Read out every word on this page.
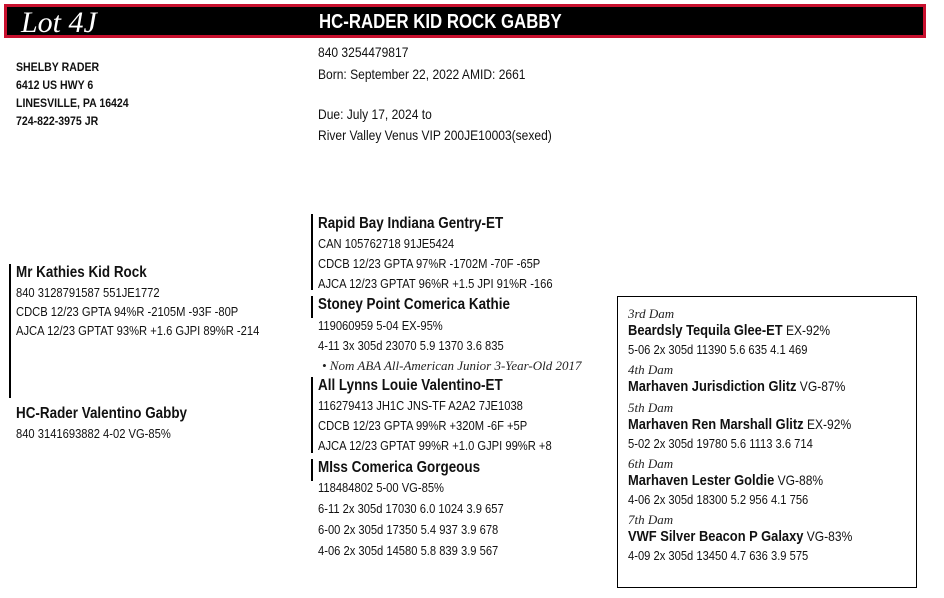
Lot 4J	HC-RADER KID ROCK GABBY
SHELBY RADER
6412 US HWY 6
LINESVILLE, PA 16424
724-822-3975 JR
840 3254479817
Born: September 22, 2022 AMID: 2661
Due: July 17, 2024 to
River Valley Venus VIP 200JE10003(sexed)
Mr Kathies Kid Rock
840 3128791587 551JE1772
CDCB 12/23 GPTA 94%R -2105M -93F -80P
AJCA 12/23 GPTAT 93%R +1.6 GJPI 89%R -214
HC-Rader Valentino Gabby
840 3141693882 4-02 VG-85%
Rapid Bay Indiana Gentry-ET
CAN 105762718 91JE5424
CDCB 12/23 GPTA 97%R -1702M -70F -65P
AJCA 12/23 GPTAT 96%R +1.5 JPI 91%R -166
Stoney Point Comerica Kathie
119060959 5-04 EX-95%
4-11 3x 305d 23070 5.9 1370 3.6 835
• Nom ABA All-American Junior 3-Year-Old 2017
All Lynns Louie Valentino-ET
116279413 JH1C JNS-TF A2A2 7JE1038
CDCB 12/23 GPTA 99%R +320M -6F +5P
AJCA 12/23 GPTAT 99%R +1.0 GJPI 99%R +8
MIss Comerica Gorgeous
118484802 5-00 VG-85%
6-11 2x 305d 17030 6.0 1024 3.9 657
6-00 2x 305d 17350 5.4 937 3.9 678
4-06 2x 305d 14580 5.8 839 3.9 567
3rd Dam
Beardsly Tequila Glee-ET EX-92%
5-06 2x 305d 11390 5.6 635 4.1 469
4th Dam
Marhaven Jurisdiction Glitz VG-87%
5th Dam
Marhaven Ren Marshall Glitz EX-92%
5-02 2x 305d 19780 5.6 1113 3.6 714
6th Dam
Marhaven Lester Goldie VG-88%
4-06 2x 305d 18300 5.2 956 4.1 756
7th Dam
VWF Silver Beacon P Galaxy VG-83%
4-09 2x 305d 13450 4.7 636 3.9 575
